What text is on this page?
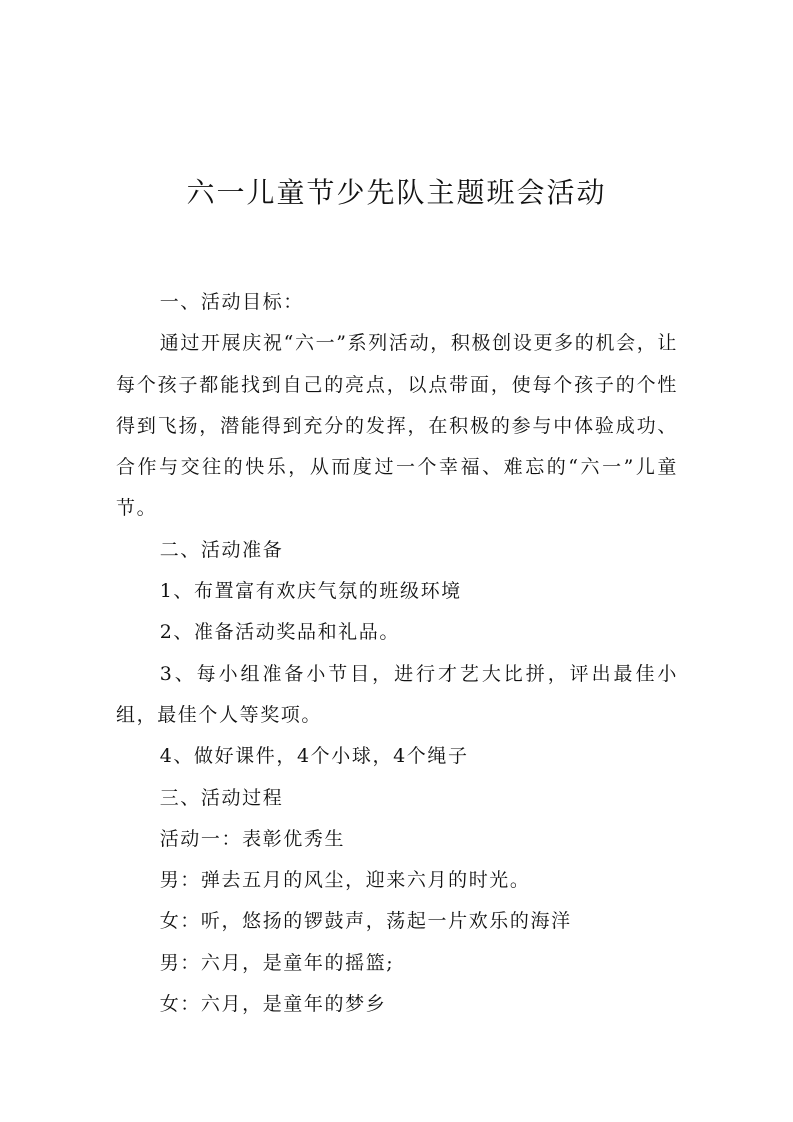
六一儿童节少先队主题班会活动

一、活动目标：

通过开展庆祝“六一”系列活动，积极创设更多的机会，让每个孩子都能找到自己的亮点，以点带面，使每个孩子的个性得到飞扬，潜能得到充分的发挥，在积极的参与中体验成功、合作与交往的快乐，从而度过一个幸福、难忘的“六一”儿童节。

二、活动准备

1、布置富有欢庆气氛的班级环境

2、准备活动奖品和礼品。

3、每小组准备小节目，进行才艺大比拼，评出最佳小组，最佳个人等奖项。

4、做好课件，4个小球，4个绳子

三、活动过程

活动一：表彰优秀生

男：弹去五月的风尘，迎来六月的时光。

女：听，悠扬的锣鼓声，荡起一片欢乐的海洋

男：六月，是童年的摇篮;

女：六月，是童年的梦乡
